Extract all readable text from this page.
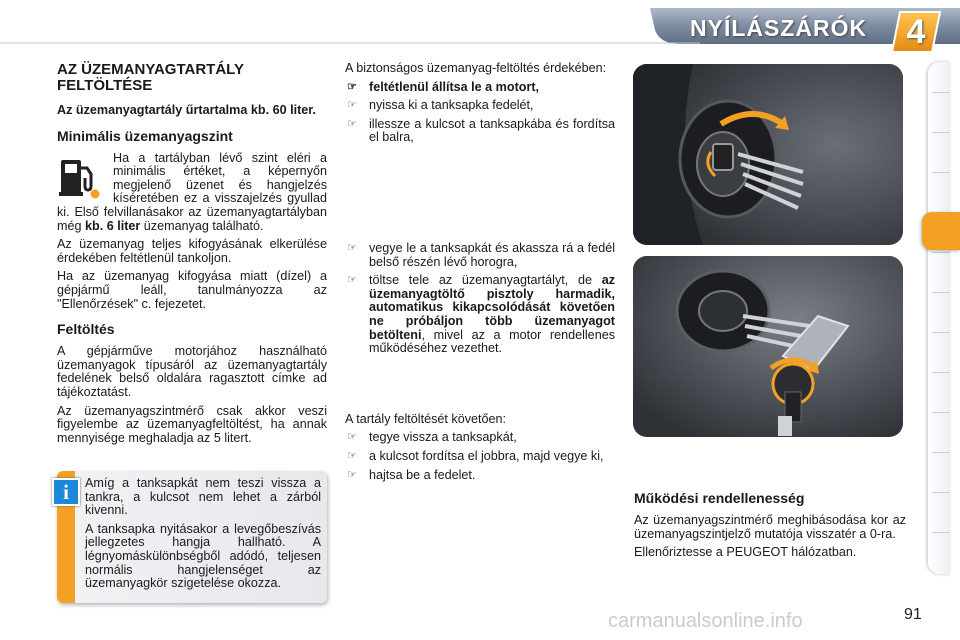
NYÍLÁSZÁRÓK	4
AZ ÜZEMANYAGTARTÁLY FELTÖLTÉSE
Az üzemanyagtartály űrtartalma kb. 60 liter.
Minimális üzemanyagszint
Ha a tartályban lévő szint eléri a minimális értéket, a képernyőn megjelenő üzenet és hangjelzés kíséretében ez a visszajelzés gyullad ki. Első felvillanásakor az üzemanyagtartályban még kb. 6 liter üzemanyag található.
Az üzemanyag teljes kifogyásának elkerülése érdekében feltétlenül tankoljon.
Ha az üzemanyag kifogyása miatt (dízel) a gépjármű leáll, tanulmányozza az "Ellenőrzések" c. fejezetet.
Feltöltés
A gépjárműve motorjához használható üzemanyagok típusáról az üzemanyagtartály fedelének belső oldalára ragasztott címke ad tájékoztatást.
Az üzemanyagszintmérő csak akkor veszi figyelembe az üzemanyagfeltöltést, ha annak mennyisége meghaladja az 5 litert.
i	Amíg a tanksapkát nem teszi vissza a tankra, a kulcsot nem lehet a zárból kivenni.
A tanksapka nyitásakor a levegőbeszívás jellegzetes hangja hallható. A légnyomáskülönbségből adódó, teljesen normális hangjelenséget az üzemanyagkör szigetelése okozza.
A biztonságos üzemanyag-feltöltés érdekében:
☞ feltétlenül állítsa le a motort,
☞ nyissa ki a tanksapka fedelét,
☞ illessze a kulcsot a tanksapkába és fordítsa el balra,
☞ vegye le a tanksapkát és akassza rá a fedél belső részén lévő horogra,
☞ töltse tele az üzemanyagtartályt, de az üzemanyagtöltő pisztoly harmadik, automatikus kikapcsolódását követően ne próbáljon több üzemanyagot betölteni, mivel az a motor rendellenes működéséhez vezethet.
A tartály feltöltését követően:
☞ tegye vissza a tanksapkát,
☞ a kulcsot fordítsa el jobbra, majd vegye ki,
☞ hajtsa be a fedelet.
Működési rendellenesség
Az üzemanyagszintmérő meghibásodása kor az üzemanyagszintjelző mutatója visszatér a 0-ra.
Ellenőriztesse a PEUGEOT hálózatban.
91
carmanualsonline.info
